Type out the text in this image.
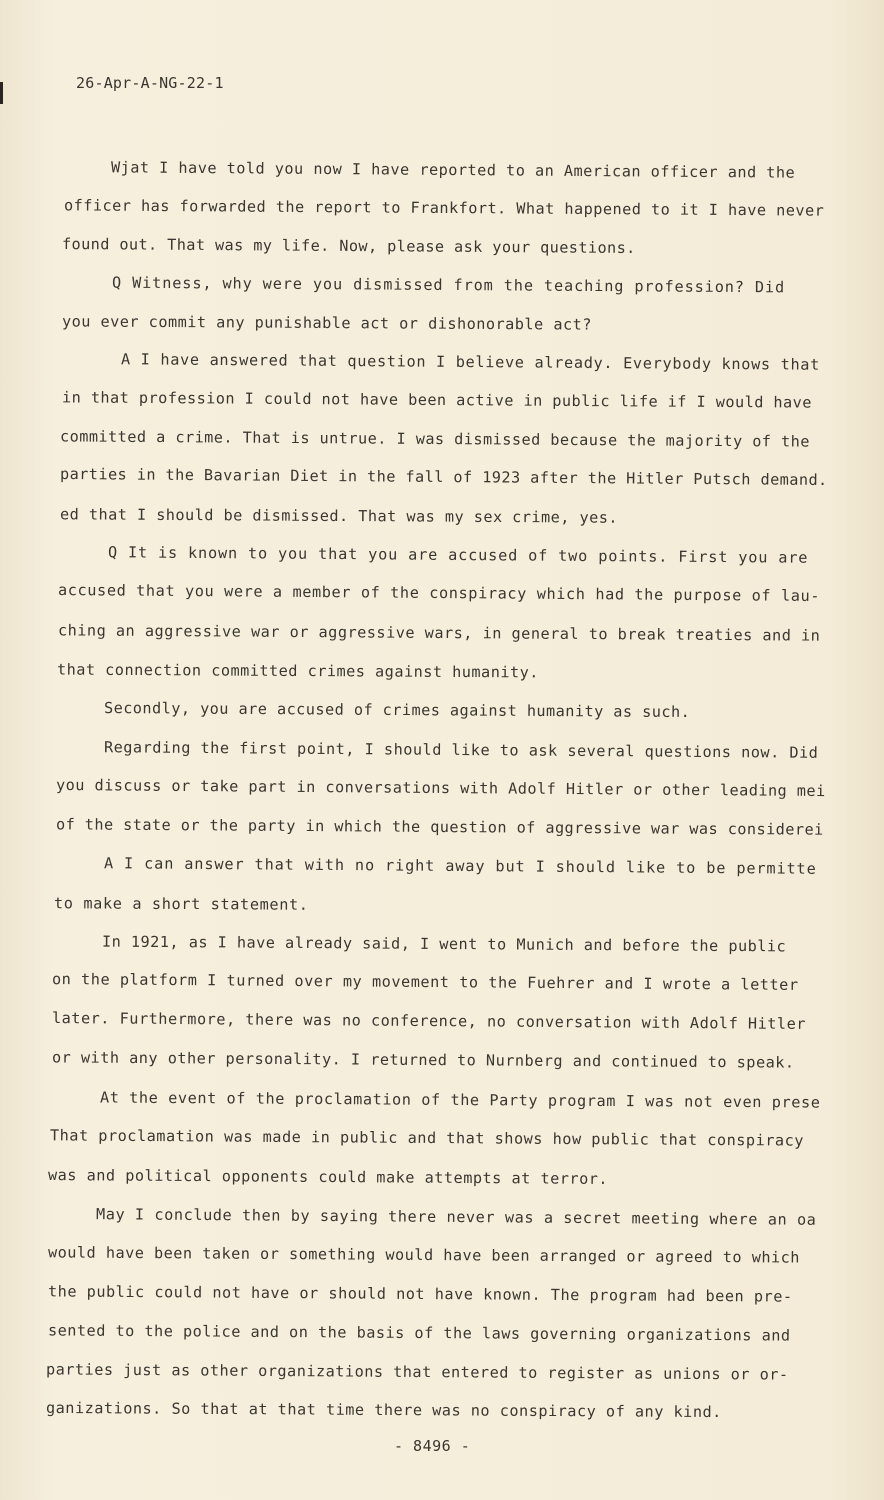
26-Apr-A-NG-22-1
Wjat I have told you now I have reported to an American officer and the
officer has forwarded the report to Frankfort. What happened to it I have never
found out. That was my life. Now, please ask your questions.
Q Witness, why were you dismissed from the teaching profession? Did
you ever commit any punishable act or dishonorable act?
A I have answered that question I believe already. Everybody knows that
in that profession I could not have been active in public life if I would have
committed a crime. That is untrue. I was dismissed because the majority of the
parties in the Bavarian Diet in the fall of 1923 after the Hitler Putsch demand.
ed that I should be dismissed. That was my sex crime, yes.
Q It is known to you that you are accused of two points. First you are
accused that you were a member of the conspiracy which had the purpose of lau-
ching an aggressive war or aggressive wars, in general to break treaties and in
that connection committed crimes against humanity.
Secondly, you are accused of crimes against humanity as such.
Regarding the first point, I should like to ask several questions now. Did
you discuss or take part in conversations with Adolf Hitler or other leading mei
of the state or the party in which the question of aggressive war was considerei
A I can answer that with no right away but I should like to be permitte
to make a short statement.
In 1921, as I have already said, I went to Munich and before the public
on the platform I turned over my movement to the Fuehrer and I wrote a letter
later. Furthermore, there was no conference, no conversation with Adolf Hitler
or with any other personality. I returned to Nurnberg and continued to speak.
At the event of the proclamation of the Party program I was not even prese
That proclamation was made in public and that shows how public that conspiracy
was and political opponents could make attempts at terror.
May I conclude then by saying there never was a secret meeting where an oa
would have been taken or something would have been arranged or agreed to which
the public could not have or should not have known. The program had been pre-
sented to the police and on the basis of the laws governing organizations and
parties just as other organizations that entered to register as unions or or-
ganizations. So that at that time there was no conspiracy of any kind.
- 8496 -
